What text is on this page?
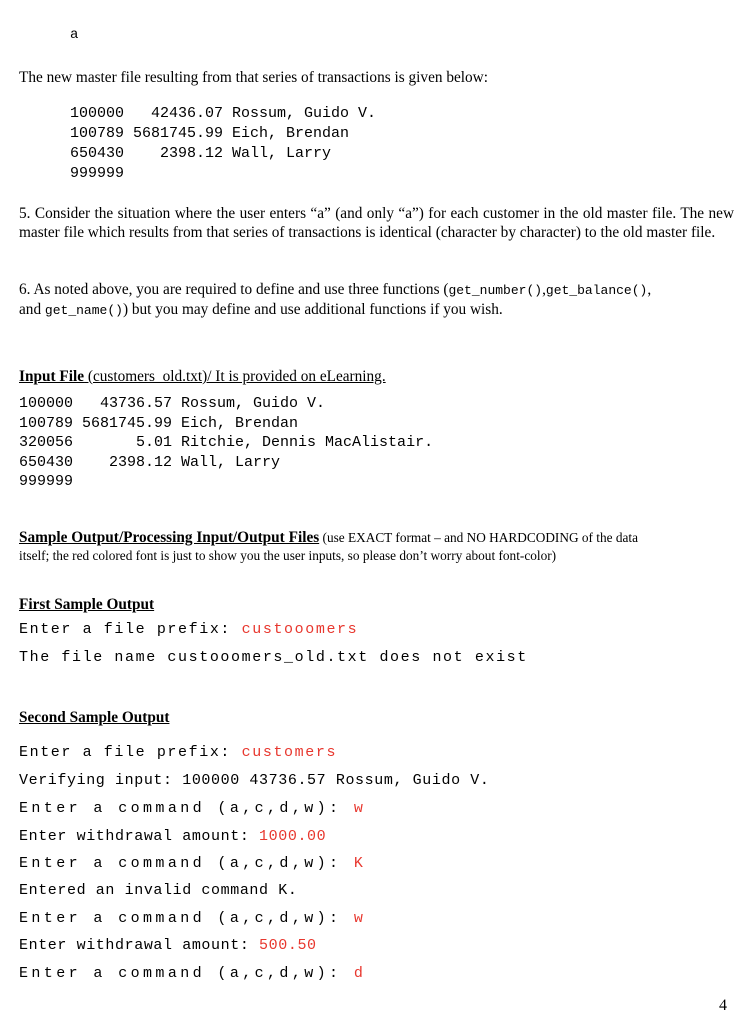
a
The new master file resulting from that series of transactions is given below:
100000   42436.07 Rossum, Guido V.
100789 5681745.99 Eich, Brendan
650430    2398.12 Wall, Larry
999999
5. Consider the situation where the user enters “a” (and only “a”) for each customer in the old master file. The new master file which results from that series of transactions is identical (character by character) to the old master file.
6. As noted above, you are required to define and use three functions (get_number(),get_balance(),
and get_name()) but you may define and use additional functions if you wish.
Input File (customers_old.txt)/ It is provided on eLearning.
100000   43736.57 Rossum, Guido V.
100789 5681745.99 Eich, Brendan
320056       5.01 Ritchie, Dennis MacAlistair.
650430    2398.12 Wall, Larry
999999
Sample Output/Processing Input/Output Files (use EXACT format – and NO HARDCODING of the data
itself; the red colored font is just to show you the user inputs, so please don’t worry about font-color)
First Sample Output
Enter a file prefix: custooomers
The file name custooomers_old.txt does not exist
Second Sample Output
Enter a file prefix: customers
Verifying input: 100000 43736.57 Rossum, Guido V.
Enter a command (a,c,d,w): w
Enter withdrawal amount: 1000.00
Enter a command (a,c,d,w): K
Entered an invalid command K.
Enter a command (a,c,d,w): w
Enter withdrawal amount: 500.50
Enter a command (a,c,d,w): d
4
